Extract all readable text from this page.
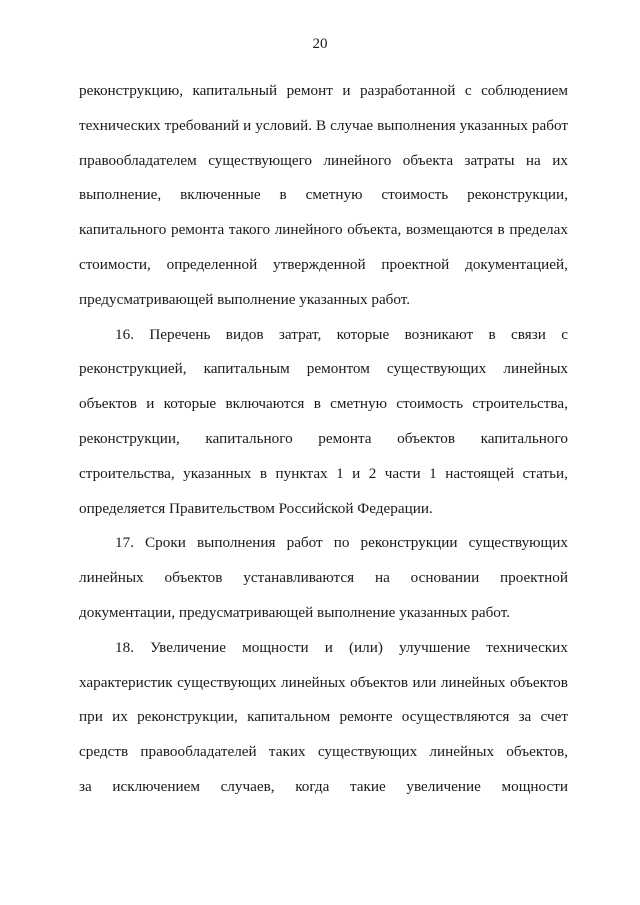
20
реконструкцию, капитальный ремонт и разработанной с соблюдением
технических требований и условий. В случае выполнения указанных работ
правообладателем существующего линейного объекта затраты на их
выполнение, включенные в сметную стоимость реконструкции,
капитального ремонта такого линейного объекта, возмещаются в пределах
стоимости, определенной утвержденной проектной документацией,
предусматривающей выполнение указанных работ.
16. Перечень видов затрат, которые возникают в связи с
реконструкцией, капитальным ремонтом существующих линейных
объектов и которые включаются в сметную стоимость строительства,
реконструкции, капитального ремонта объектов капитального
строительства, указанных в пунктах 1 и 2 части 1 настоящей статьи,
определяется Правительством Российской Федерации.
17. Сроки выполнения работ по реконструкции существующих
линейных объектов устанавливаются на основании проектной
документации, предусматривающей выполнение указанных работ.
18. Увеличение мощности и (или) улучшение технических
характеристик существующих линейных объектов или линейных объектов
при их реконструкции, капитальном ремонте осуществляются за счет
средств правообладателей таких существующих линейных объектов,
за исключением случаев, когда такие увеличение мощности
